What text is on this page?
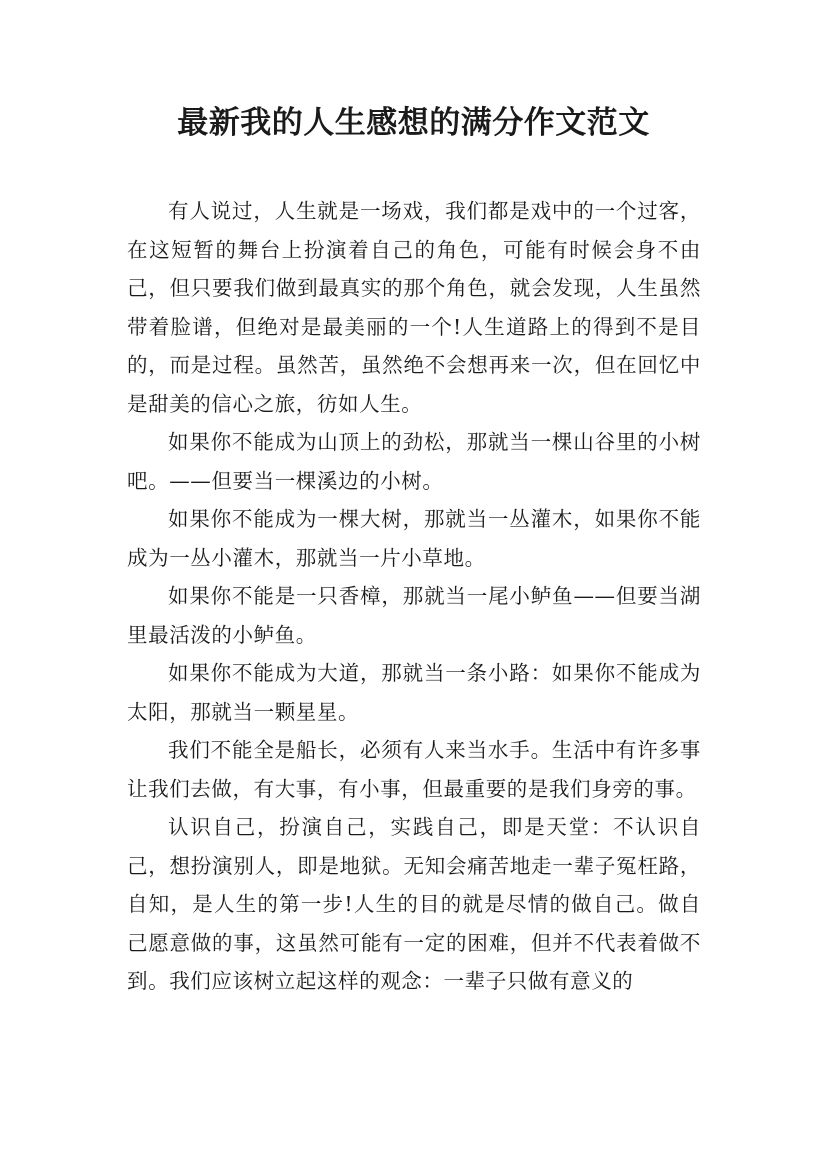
最新我的人生感想的满分作文范文

有人说过，人生就是一场戏，我们都是戏中的一个过客，在这短暂的舞台上扮演着自己的角色，可能有时候会身不由己，但只要我们做到最真实的那个角色，就会发现，人生虽然带着脸谱，但绝对是最美丽的一个!人生道路上的得到不是目的，而是过程。虽然苦，虽然绝不会想再来一次，但在回忆中是甜美的信心之旅，彷如人生。

如果你不能成为山顶上的劲松，那就当一棵山谷里的小树吧。——但要当一棵溪边的小树。

如果你不能成为一棵大树，那就当一丛灌木，如果你不能成为一丛小灌木，那就当一片小草地。

如果你不能是一只香樟，那就当一尾小鲈鱼——但要当湖里最活泼的小鲈鱼。

如果你不能成为大道，那就当一条小路：如果你不能成为太阳，那就当一颗星星。

我们不能全是船长，必须有人来当水手。生活中有许多事让我们去做，有大事，有小事，但最重要的是我们身旁的事。

认识自己，扮演自己，实践自己，即是天堂：不认识自己，想扮演别人，即是地狱。无知会痛苦地走一辈子冤枉路，自知，是人生的第一步!人生的目的就是尽情的做自己。做自己愿意做的事，这虽然可能有一定的困难，但并不代表着做不到。我们应该树立起这样的观念：一辈子只做有意义的
